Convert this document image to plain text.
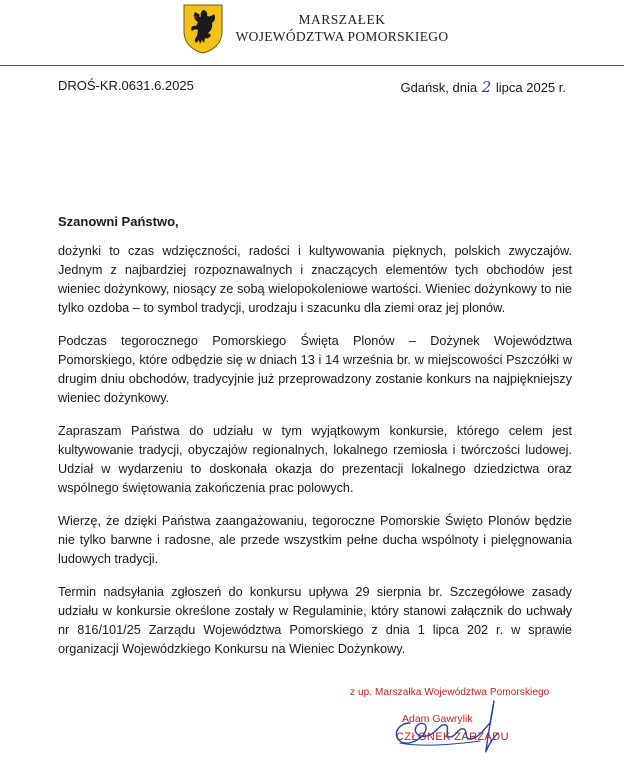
MARSZAŁEK
WOJEWÓDZTWA POMORSKIEGO
DROŚ-KR.0631.6.2025	Gdańsk, dnia 2 lipca 2025 r.

Szanowni Państwo,

dożynki to czas wdzięczności, radości i kultywowania pięknych, polskich zwyczajów. Jednym z najbardziej rozpoznawalnych i znaczących elementów tych obchodów jest wieniec dożynkowy, niosący ze sobą wielopokoleniowe wartości. Wieniec dożynkowy to nie tylko ozdoba – to symbol tradycji, urodzaju i szacunku dla ziemi oraz jej plonów.

Podczas tegorocznego Pomorskiego Święta Plonów – Dożynek Województwa Pomorskiego, które odbędzie się w dniach 13 i 14 września br. w miejscowości Pszczółki w drugim dniu obchodów, tradycyjnie już przeprowadzony zostanie konkurs na najpiękniejszy wieniec dożynkowy.

Zapraszam Państwa do udziału w tym wyjątkowym konkursie, którego celem jest kultywowanie tradycji, obyczajów regionalnych, lokalnego rzemiosła i twórczości ludowej. Udział w wydarzeniu to doskonała okazja do prezentacji lokalnego dziedzictwa oraz wspólnego świętowania zakończenia prac polowych.

Wierzę, że dzięki Państwa zaangażowaniu, tegoroczne Pomorskie Święto Plonów będzie nie tylko barwne i radosne, ale przede wszystkim pełne ducha wspólnoty i pielęgnowania ludowych tradycji.

Termin nadsyłania zgłoszeń do konkursu upływa 29 sierpnia br. Szczegółowe zasady udziału w konkursie określone zostały w Regulaminie, który stanowi załącznik do uchwały nr 816/101/25 Zarządu Województwa Pomorskiego z dnia 1 lipca 202 r. w sprawie organizacji Wojewódzkiego Konkursu na Wieniec Dożynkowy.

z up. Marszałka Województwa Pomorskiego
Adam Gawrylik
CZŁONEK ZARZĄDU
